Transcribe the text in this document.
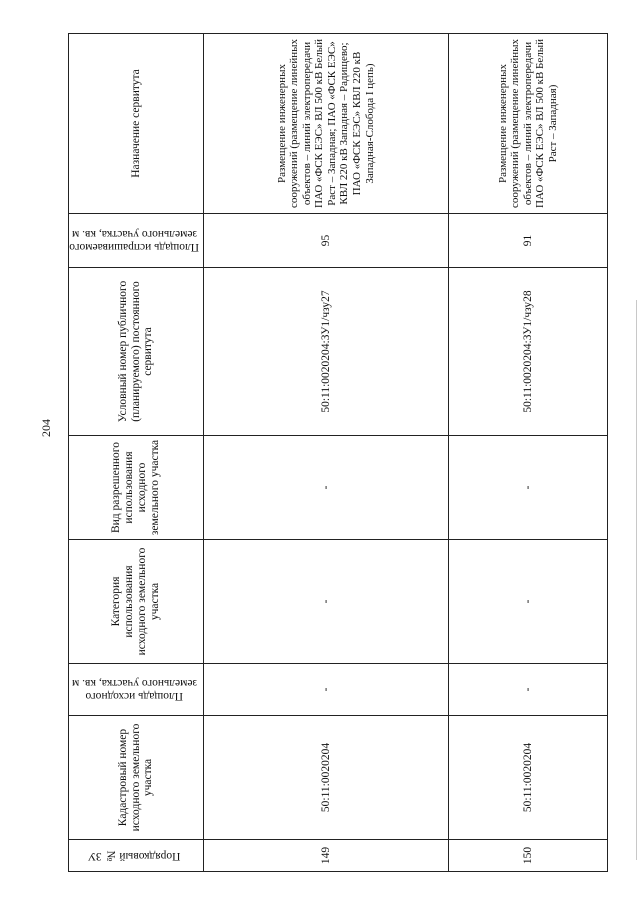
204
Порядковый № ЗУ	Кадастровый номер исходного земельного участка	Площадь исходного земельного участка, кв. м	Категория использования исходного земельного участка	Вид разрешенного использования исходного земельного участка	Условный номер публичного (планируемого) постоянного сервитута	Площадь испрашиваемого земельного участка, кв. м	Назначение сервитута
149	50:11:0020204	-	-	-	50:11:0020204:ЗУ1/чзу27	95	Размещение инженерных сооружений (размещение линейных объектов – линий электропередачи ПАО «ФСК ЕЭС» ВЛ 500 кВ Белый Раст – Западная; ПАО «ФСК ЕЭС» КВЛ 220 кВ Западная – Радищево; ПАО «ФСК ЕЭС» КВЛ 220 кВ Западная-Слобода I цепь)
150	50:11:0020204	-	-	-	50:11:0020204:ЗУ1/чзу28	91	Размещение инженерных сооружений (размещение линейных объектов – линий электропередачи ПАО «ФСК ЕЭС» ВЛ 500 кВ Белый Раст – Западная)
